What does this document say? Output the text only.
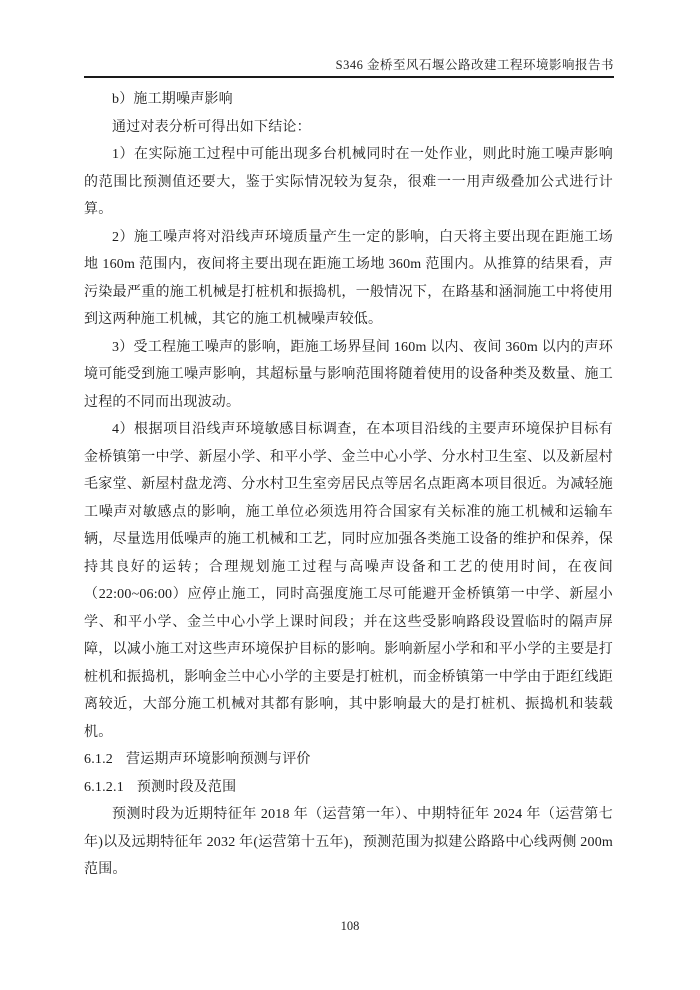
S346 金桥至风石堰公路改建工程环境影响报告书

b）施工期噪声影响

通过对表分析可得出如下结论：

1）在实际施工过程中可能出现多台机械同时在一处作业，则此时施工噪声影响的范围比预测值还要大，鉴于实际情况较为复杂，很难一一用声级叠加公式进行计算。

2）施工噪声将对沿线声环境质量产生一定的影响，白天将主要出现在距施工场地 160m 范围内，夜间将主要出现在距施工场地 360m 范围内。从推算的结果看，声污染最严重的施工机械是打桩机和振捣机，一般情况下，在路基和涵洞施工中将使用到这两种施工机械，其它的施工机械噪声较低。

3）受工程施工噪声的影响，距施工场界昼间 160m 以内、夜间 360m 以内的声环境可能受到施工噪声影响，其超标量与影响范围将随着使用的设备种类及数量、施工过程的不同而出现波动。

4）根据项目沿线声环境敏感目标调查，在本项目沿线的主要声环境保护目标有金桥镇第一中学、新屋小学、和平小学、金兰中心小学、分水村卫生室、以及新屋村毛家堂、新屋村盘龙湾、分水村卫生室旁居民点等居名点距离本项目很近。为减轻施工噪声对敏感点的影响，施工单位必须选用符合国家有关标准的施工机械和运输车辆，尽量选用低噪声的施工机械和工艺，同时应加强各类施工设备的维护和保养，保持其良好的运转；合理规划施工过程与高噪声设备和工艺的使用时间，在夜间（22:00~06:00）应停止施工，同时高强度施工尽可能避开金桥镇第一中学、新屋小学、和平小学、金兰中心小学上课时间段；并在这些受影响路段设置临时的隔声屏障，以减小施工对这些声环境保护目标的影响。影响新屋小学和和平小学的主要是打桩机和振捣机，影响金兰中心小学的主要是打桩机，而金桥镇第一中学由于距红线距离较近，大部分施工机械对其都有影响，其中影响最大的是打桩机、振捣机和装载机。

6.1.2 营运期声环境影响预测与评价

6.1.2.1 预测时段及范围

预测时段为近期特征年 2018 年（运营第一年）、中期特征年 2024 年（运营第七年)以及远期特征年 2032 年(运营第十五年)，预测范围为拟建公路路中心线两侧 200m 范围。

108
